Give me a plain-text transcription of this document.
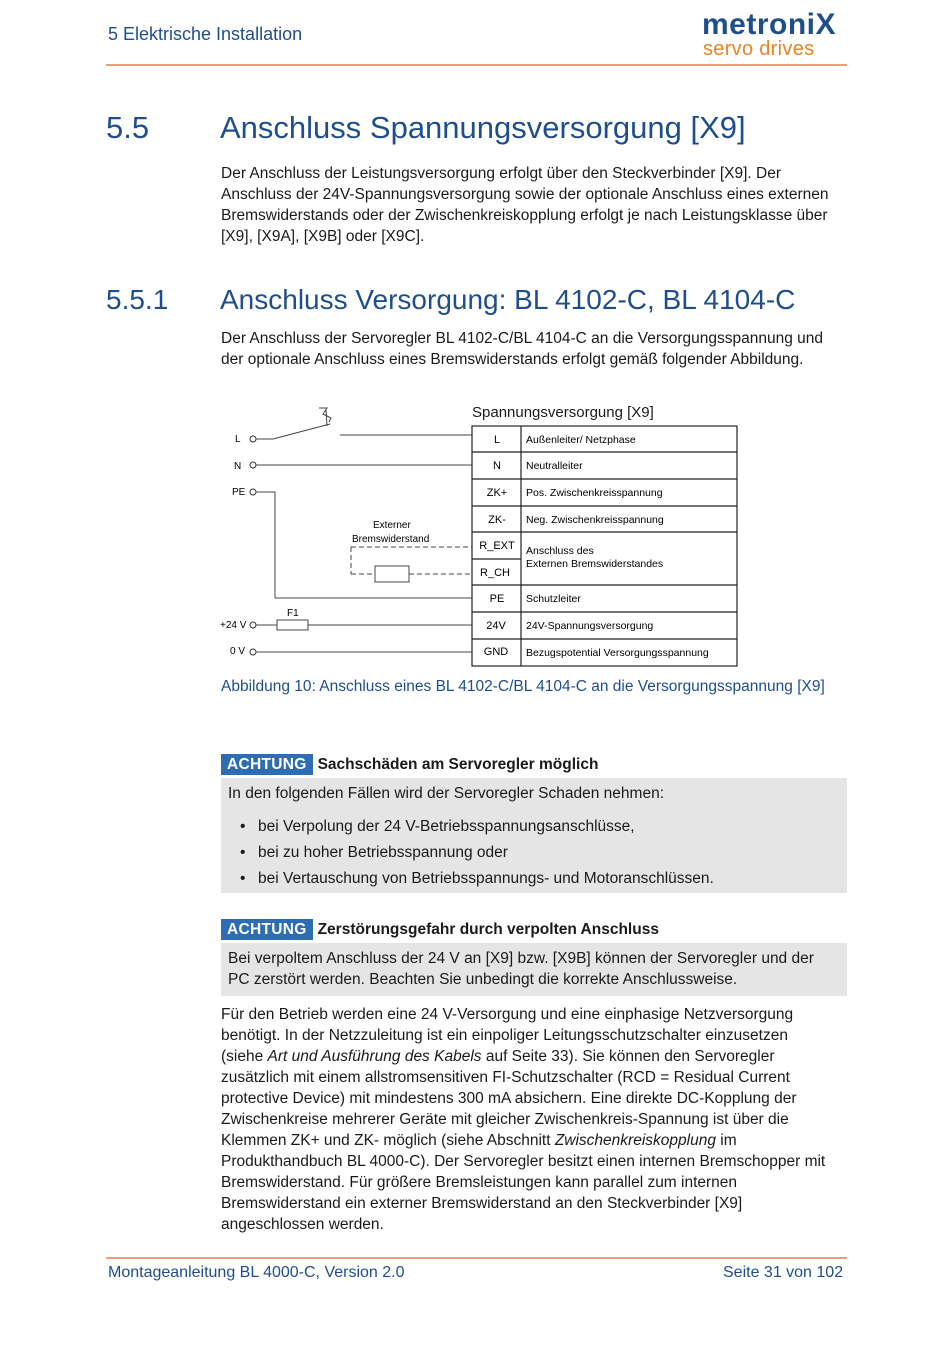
5 Elektrische Installation	metroniX
servo drives
5.5 Anschluss Spannungsversorgung [X9]
Der Anschluss der Leistungsversorgung erfolgt über den Steckverbinder [X9]. Der Anschluss der 24V-Spannungsversorgung sowie der optionale Anschluss eines externen Bremswiderstands oder der Zwischenkreiskopplung erfolgt je nach Leistungsklasse über [X9], [X9A], [X9B] oder [X9C].
5.5.1 Anschluss Versorgung: BL 4102-C, BL 4104-C
Der Anschluss der Servoregler BL 4102-C/BL 4104-C an die Versorgungsspannung und der optionale Anschluss eines Bremswiderstands erfolgt gemäß folgender Abbildung.
Spannungsversorgung [X9]
L
N
PE
+24 V
0 V
F1
Externer
Bremswiderstand
L
N
ZK+
ZK-
R_EXT
R_CH
PE
24V
GND
Außenleiter/ Netzphase
Neutralleiter
Pos. Zwischenkreisspannung
Neg. Zwischenkreisspannung
Anschluss des
Externen Bremswiderstandes
Schutzleiter
24V-Spannungsversorgung
Bezugspotential Versorgungsspannung
Abbildung 10: Anschluss eines BL 4102-C/BL 4104-C an die Versorgungsspannung [X9]
ACHTUNG Sachschäden am Servoregler möglich
In den folgenden Fällen wird der Servoregler Schaden nehmen:
• bei Verpolung der 24 V-Betriebsspannungsanschlüsse,
• bei zu hoher Betriebsspannung oder
• bei Vertauschung von Betriebsspannungs- und Motoranschlüssen.
ACHTUNG Zerstörungsgefahr durch verpolten Anschluss
Bei verpoltem Anschluss der 24 V an [X9] bzw. [X9B] können der Servoregler und der PC zerstört werden. Beachten Sie unbedingt die korrekte Anschlussweise.
Für den Betrieb werden eine 24 V-Versorgung und eine einphasige Netzversorgung benötigt. In der Netzzuleitung ist ein einpoliger Leitungsschutzschalter einzusetzen (siehe Art und Ausführung des Kabels auf Seite 33). Sie können den Servoregler zusätzlich mit einem allstromsensitiven FI-Schutzschalter (RCD = Residual Current protective Device) mit mindestens 300 mA absichern. Eine direkte DC-Kopplung der Zwischenkreise mehrerer Geräte mit gleicher Zwischenkreis-Spannung ist über die Klemmen ZK+ und ZK- möglich (siehe Abschnitt Zwischenkreiskopplung im Produkthandbuch BL 4000-C). Der Servoregler besitzt einen internen Bremschopper mit Bremswiderstand. Für größere Bremsleistungen kann parallel zum internen Bremswiderstand ein externer Bremswiderstand an den Steckverbinder [X9] angeschlossen werden.
Montageanleitung BL 4000-C, Version 2.0	Seite 31 von 102
